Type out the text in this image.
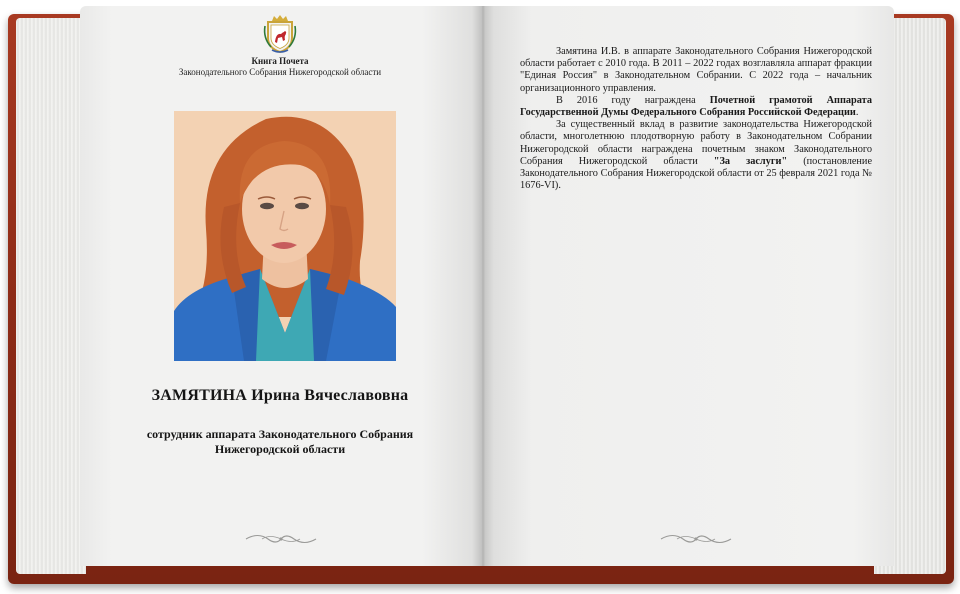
Книга Почета
Законодательного Собрания Нижегородской области
ЗАМЯТИНА Ирина Вячеславовна
сотрудник аппарата Законодательного Собрания
Нижегородской области

Замятина И.В. в аппарате Законодательного Собрания Нижегородской области работает с 2010 года. В 2011 – 2022 годах возглавляла аппарат фракции "Единая Россия" в Законодательном Собрании. С 2022 года – начальник организационного управления.

В 2016 году награждена Почетной грамотой Аппарата Государственной Думы Федерального Собрания Российской Федерации.

За существенный вклад в развитие законодательства Нижегородской области, многолетнюю плодотворную работу в Законодательном Собрании Нижегородской области награждена почетным знаком Законодательного Собрания Нижегородской области "За заслуги" (постановление Законодательного Собрания Нижегородской области от 25 февраля 2021 года № 1676-VI).
